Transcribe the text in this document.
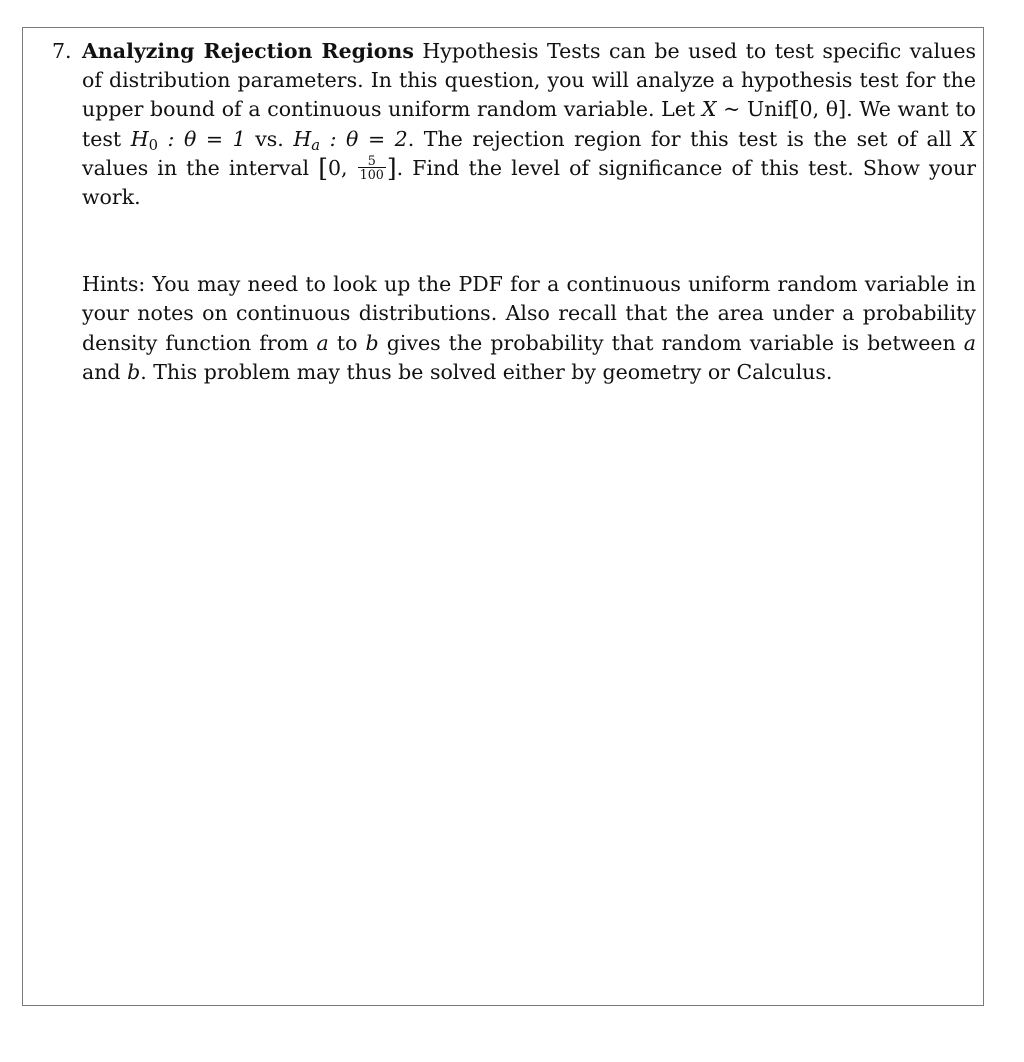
7. Analyzing Rejection Regions Hypothesis Tests can be used to test specific values of distribution parameters. In this question, you will analyze a hypothesis test for the upper bound of a continuous uniform random variable. Let X ~ Unif[0, θ]. We want to test $H_0$ : θ = 1 vs. $H_a$ : θ = 2. The rejection region for this test is the set of all X values in the interval [0, $\frac{5}{100}$ ]. Find the level of significance of this test. Show your work.

Hints: You may need to look up the PDF for a continuous uniform random variable in your notes on continuous distributions. Also recall that the area under a probability density function from a to b gives the probability that random variable is between a and b. This problem may thus be solved either by geometry or Calculus.
